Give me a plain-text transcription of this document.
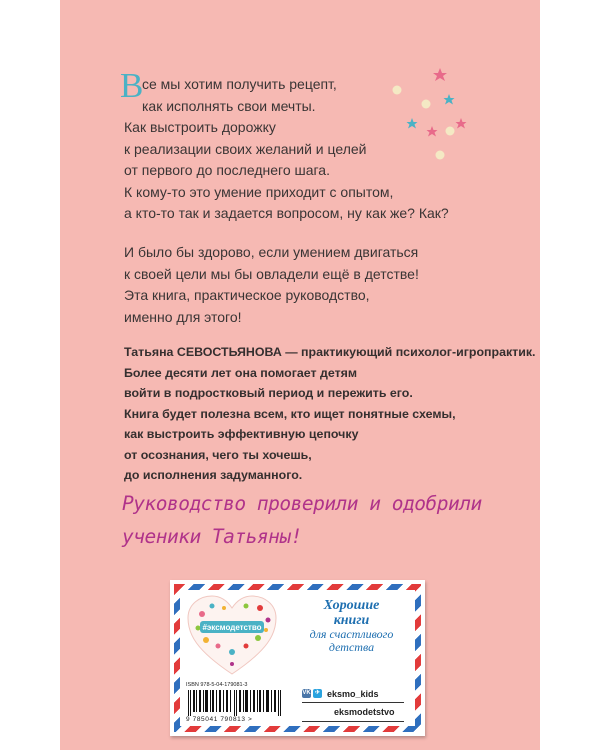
В
се мы хотим получить рецепт,
как исполнять свои мечты.
Как выстроить дорожку
к реализации своих желаний и целей
от первого до последнего шага.
К кому-то это умение приходит с опытом,
а кто-то так и задается вопросом, ну как же? Как?
И было бы здорово, если умением двигаться
к своей цели мы бы овладели ещё в детстве!
Эта книга, практическое руководство,
именно для этого!
Татьяна СЕВОСТЬЯНОВА — практикующий психолог-игропрактик.
Более десяти лет она помогает детям
войти в подростковый период и пережить его.
Книга будет полезна всем, кто ищет понятные схемы,
как выстроить эффективную цепочку
от осознания, чего ты хочешь,
до исполнения задуманного.
Руководство проверили и одобрили
ученики Татьяны!
#эксмодетство
Хорошие
книги
для счастливого
детства
ISBN 978-5-04-179081-3
9 785041 790813 >
VK ✈ eksmo_kids
eksmodetstvo
